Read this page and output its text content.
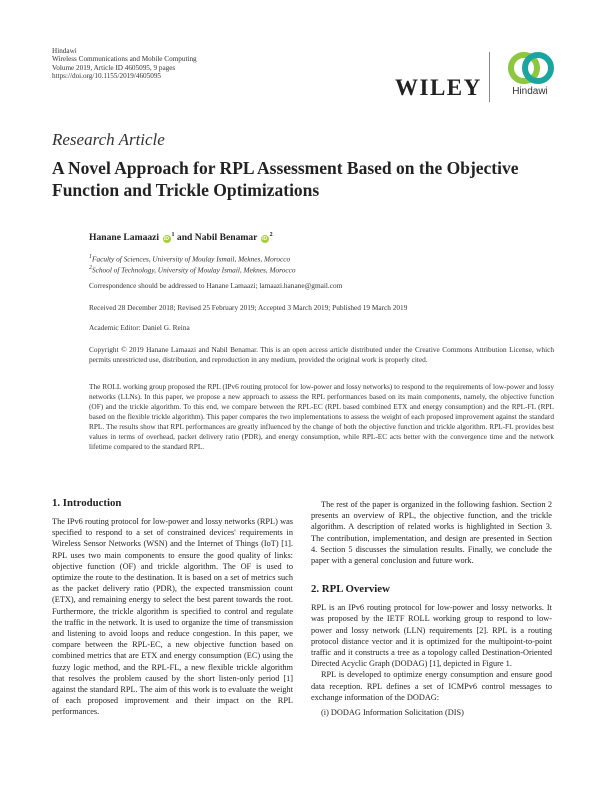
Hindawi
Wireless Communications and Mobile Computing
Volume 2019, Article ID 4605095, 9 pages
https://doi.org/10.1155/2019/4605095	WILEY	Hindawi
Research Article
A Novel Approach for RPL Assessment Based on the Objective Function and Trickle Optimizations
Hanane Lamaazi $iD^1$ and Nabil Benamar $iD^2$
$^1$Faculty of Sciences, University of Moulay Ismail, Meknes, Morocco
$^2$School of Technology, University of Moulay Ismail, Meknes, Morocco
Correspondence should be addressed to Hanane Lamaazi; lamaazi.hanane@gmail.com
Received 28 December 2018; Revised 25 February 2019; Accepted 3 March 2019; Published 19 March 2019
Academic Editor: Daniel G. Reina
Copyright © 2019 Hanane Lamaazi and Nabil Benamar. This is an open access article distributed under the Creative Commons Attribution License, which permits unrestricted use, distribution, and reproduction in any medium, provided the original work is properly cited.
The ROLL working group proposed the RPL (IPv6 routing protocol for low-power and lossy networks) to respond to the requirements of low-power and lossy networks (LLNs). In this paper, we propose a new approach to assess the RPL performances based on its main components, namely, the objective function (OF) and the trickle algorithm. To this end, we compare between the RPL-EC (RPL based combined ETX and energy consumption) and the RPL-FL (RPL based on the flexible trickle algorithm). This paper compares the two implementations to assess the weight of each proposed improvement against the standard RPL. The results show that RPL performances are greatly influenced by the change of both the objective function and trickle algorithm. RPL-FL provides best values in terms of overhead, packet delivery ratio (PDR), and energy consumption, while RPL-EC acts better with the convergence time and the network lifetime compared to the standard RPL.
1. Introduction

The IPv6 routing protocol for low-power and lossy networks (RPL) was specified to respond to a set of constrained devices' requirements in Wireless Sensor Networks (WSN) and the Internet of Things (IoT) [1]. RPL uses two main components to ensure the good quality of links: objective function (OF) and trickle algorithm. The OF is used to optimize the route to the destination. It is based on a set of metrics such as the packet delivery ratio (PDR), the expected transmission count (ETX), and remaining energy to select the best parent towards the root. Furthermore, the trickle algorithm is specified to control and regulate the traffic in the network. It is used to organize the time of transmission and listening to avoid loops and reduce congestion. In this paper, we compare between the RPL-EC, a new objective function based on combined metrics that are ETX and energy consumption (EC) using the fuzzy logic method, and the RPL-FL, a new flexible trickle algorithm that resolves the problem caused by the short listen-only period [1] against the standard RPL. The aim of this work is to evaluate the weight of each proposed improvement and their impact on the RPL performances.

The rest of the paper is organized in the following fashion. Section 2 presents an overview of RPL, the objective function, and the trickle algorithm. A description of related works is highlighted in Section 3. The contribution, implementation, and design are presented in Section 4. Section 5 discusses the simulation results. Finally, we conclude the paper with a general conclusion and future work.

2. RPL Overview

RPL is an IPv6 routing protocol for low-power and lossy networks. It was proposed by the IETF ROLL working group to respond to low-power and lossy network (LLN) requirements [2]. RPL is a routing protocol distance vector and it is optimized for the multipoint-to-point traffic and it constructs a tree as a topology called Destination-Oriented Directed Acyclic Graph (DODAG) [1], depicted in Figure 1.

RPL is developed to optimize energy consumption and ensure good data reception. RPL defines a set of ICMPv6 control messages to exchange information of the DODAG:

(i) DODAG Information Solicitation (DIS)
